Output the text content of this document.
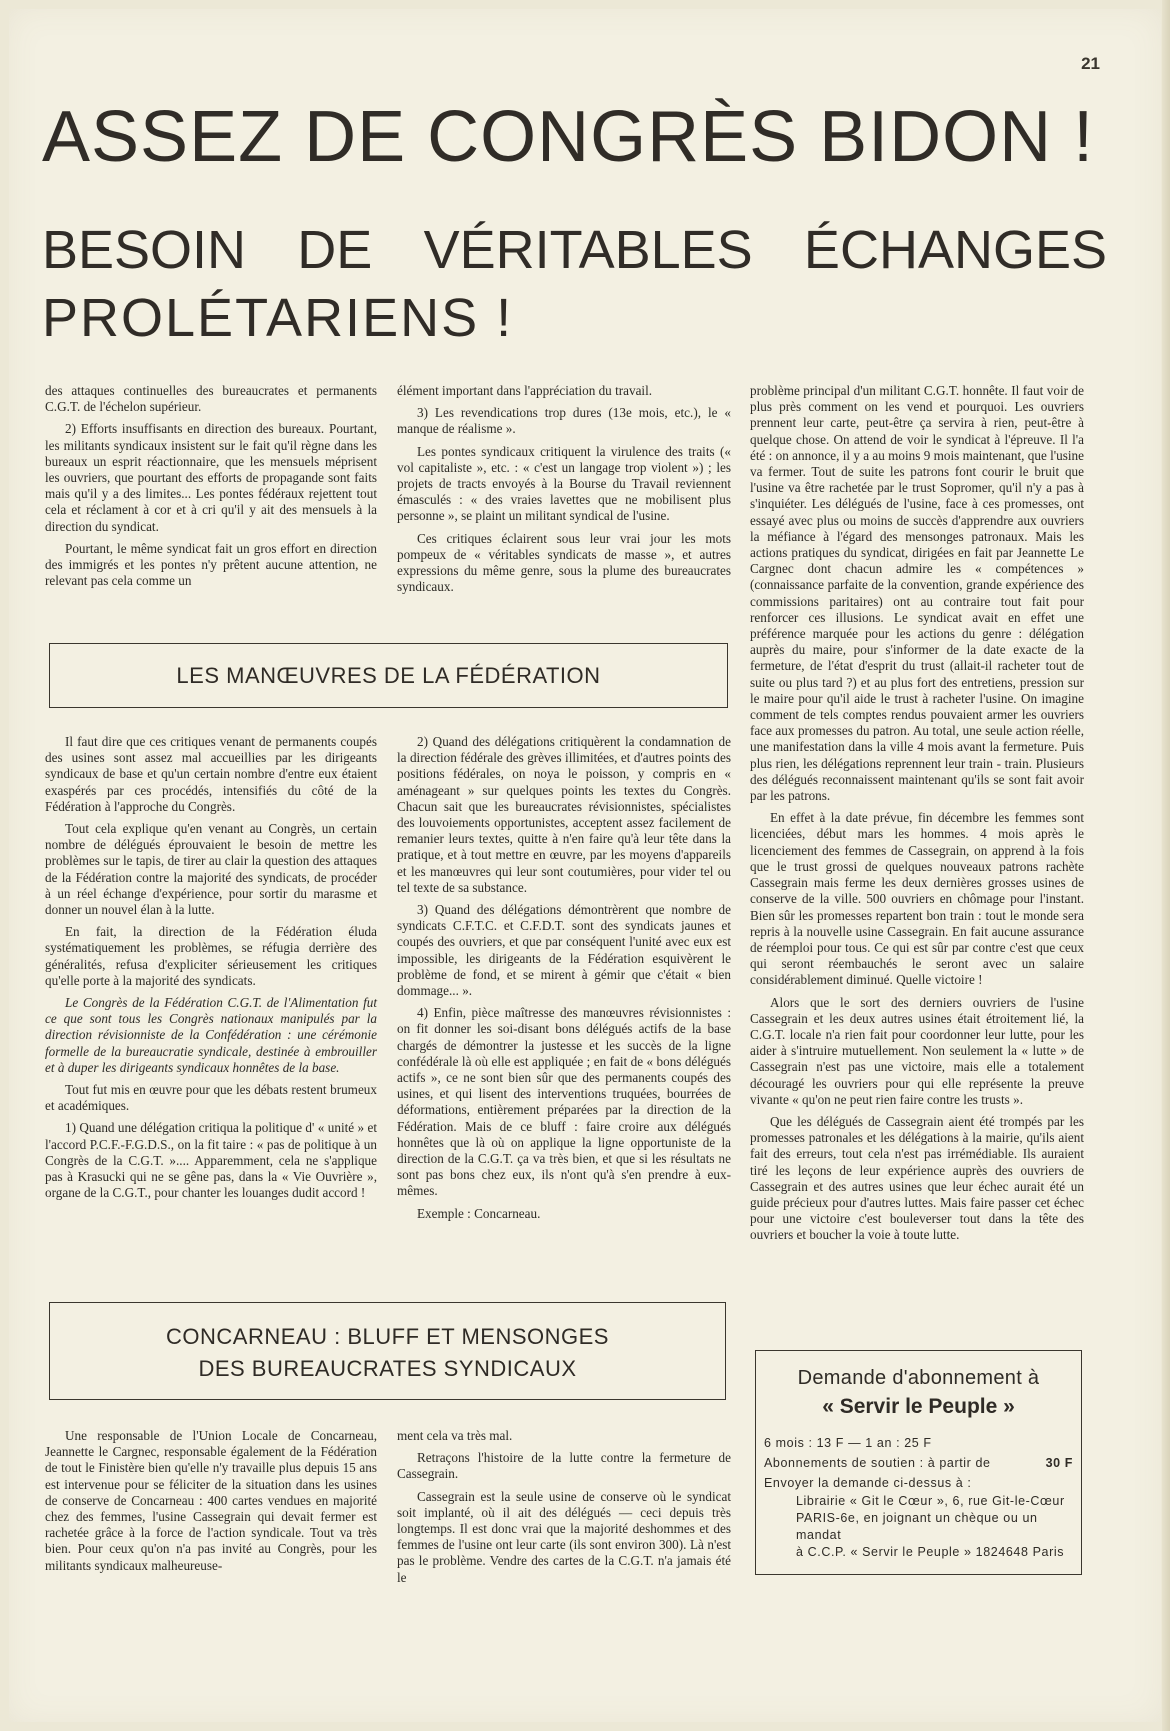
21
ASSEZ DE CONGRÈS BIDON !
BESOIN DE VÉRITABLES ÉCHANGES
PROLÉTARIENS !

des attaques continuelles des bureaucrates et permanents C.G.T. de l'échelon supérieur.

2) Efforts insuffisants en direction des bureaux. Pourtant, les militants syndicaux insistent sur le fait qu'il règne dans les bureaux un esprit réactionnaire, que les mensuels méprisent les ouvriers, que pourtant des efforts de propagande sont faits mais qu'il y a des limites... Les pontes fédéraux rejettent tout cela et réclament à cor et à cri qu'il y ait des mensuels à la direction du syndicat.

Pourtant, le même syndicat fait un gros effort en direction des immigrés et les pontes n'y prêtent aucune attention, ne relevant pas cela comme un

élément important dans l'appréciation du travail.

3) Les revendications trop dures (13e mois, etc.), le « manque de réalisme ».

Les pontes syndicaux critiquent la virulence des traits (« vol capitaliste », etc. : « c'est un langage trop violent ») ; les projets de tracts envoyés à la Bourse du Travail reviennent émasculés : « des vraies lavettes que ne mobilisent plus personne », se plaint un militant syndical de l'usine.

Ces critiques éclairent sous leur vrai jour les mots pompeux de « véritables syndicats de masse », et autres expressions du même genre, sous la plume des bureaucrates syndicaux.

LES MANŒUVRES DE LA FÉDÉRATION

Il faut dire que ces critiques venant de permanents coupés des usines sont assez mal accueillies par les dirigeants syndicaux de base et qu'un certain nombre d'entre eux étaient exaspérés par ces procédés, intensifiés du côté de la Fédération à l'approche du Congrès.

Tout cela explique qu'en venant au Congrès, un certain nombre de délégués éprouvaient le besoin de mettre les problèmes sur le tapis, de tirer au clair la question des attaques de la Fédération contre la majorité des syndicats, de procéder à un réel échange d'expérience, pour sortir du marasme et donner un nouvel élan à la lutte.

En fait, la direction de la Fédération éluda systématiquement les problèmes, se réfugia derrière des généralités, refusa d'expliciter sérieusement les critiques qu'elle porte à la majorité des syndicats.

Le Congrès de la Fédération C.G.T. de l'Alimentation fut ce que sont tous les Congrès nationaux manipulés par la direction révisionniste de la Confédération : une cérémonie formelle de la bureaucratie syndicale, destinée à embrouiller et à duper les dirigeants syndicaux honnêtes de la base.

Tout fut mis en œuvre pour que les débats restent brumeux et académiques.

1) Quand une délégation critiqua la politique d' « unité » et l'accord P.C.F.-F.G.D.S., on la fit taire : « pas de politique à un Congrès de la C.G.T. ».... Apparemment, cela ne s'applique pas à Krasucki qui ne se gêne pas, dans la « Vie Ouvrière », organe de la C.G.T., pour chanter les louanges dudit accord !

2) Quand des délégations critiquèrent la condamnation de la direction fédérale des grèves illimitées, et d'autres points des positions fédérales, on noya le poisson, y compris en « aménageant » sur quelques points les textes du Congrès. Chacun sait que les bureaucrates révisionnistes, spécialistes des louvoiements opportunistes, acceptent assez facilement de remanier leurs textes, quitte à n'en faire qu'à leur tête dans la pratique, et à tout mettre en œuvre, par les moyens d'appareils et les manœuvres qui leur sont coutumières, pour vider tel ou tel texte de sa substance.

3) Quand des délégations démontrèrent que nombre de syndicats C.F.T.C. et C.F.D.T. sont des syndicats jaunes et coupés des ouvriers, et que par conséquent l'unité avec eux est impossible, les dirigeants de la Fédération esquivèrent le problème de fond, et se mirent à gémir que c'était « bien dommage... ».

4) Enfin, pièce maîtresse des manœuvres révisionnistes : on fit donner les soi-disant bons délégués actifs de la base chargés de démontrer la justesse et les succès de la ligne confédérale là où elle est appliquée ; en fait de « bons délégués actifs », ce ne sont bien sûr que des permanents coupés des usines, et qui lisent des interventions truquées, bourrées de déformations, entièrement préparées par la direction de la Fédération. Mais de ce bluff : faire croire aux délégués honnêtes que là où on applique la ligne opportuniste de la direction de la C.G.T. ça va très bien, et que si les résultats ne sont pas bons chez eux, ils n'ont qu'à s'en prendre à eux-mêmes.

Exemple : Concarneau.

CONCARNEAU : BLUFF ET MENSONGES
DES BUREAUCRATES SYNDICAUX

Une responsable de l'Union Locale de Concarneau, Jeannette le Cargnec, responsable également de la Fédération de tout le Finistère bien qu'elle n'y travaille plus depuis 15 ans est intervenue pour se féliciter de la situation dans les usines de conserve de Concarneau : 400 cartes vendues en majorité chez des femmes, l'usine Cassegrain qui devait fermer est rachetée grâce à la force de l'action syndicale. Tout va très bien. Pour ceux qu'on n'a pas invité au Congrès, pour les militants syndicaux malheureuse-

ment cela va très mal.

Retraçons l'histoire de la lutte contre la fermeture de Cassegrain.

Cassegrain est la seule usine de conserve où le syndicat soit implanté, où il ait des délégués — ceci depuis très longtemps. Il est donc vrai que la majorité deshommes et des femmes de l'usine ont leur carte (ils sont environ 300). Là n'est pas le problème. Vendre des cartes de la C.G.T. n'a jamais été le

problème principal d'un militant C.G.T. honnête. Il faut voir de plus près comment on les vend et pourquoi. Les ouvriers prennent leur carte, peut-être ça servira à rien, peut-être à quelque chose. On attend de voir le syndicat à l'épreuve. Il l'a été : on annonce, il y a au moins 9 mois maintenant, que l'usine va fermer. Tout de suite les patrons font courir le bruit que l'usine va être rachetée par le trust Sopromer, qu'il n'y a pas à s'inquiéter. Les délégués de l'usine, face à ces promesses, ont essayé avec plus ou moins de succès d'apprendre aux ouvriers la méfiance à l'égard des mensonges patronaux. Mais les actions pratiques du syndicat, dirigées en fait par Jeannette Le Cargnec dont chacun admire les « compétences » (connaissance parfaite de la convention, grande expérience des commissions paritaires) ont au contraire tout fait pour renforcer ces illusions. Le syndicat avait en effet une préférence marquée pour les actions du genre : délégation auprès du maire, pour s'informer de la date exacte de la fermeture, de l'état d'esprit du trust (allait-il racheter tout de suite ou plus tard ?) et au plus fort des entretiens, pression sur le maire pour qu'il aide le trust à racheter l'usine. On imagine comment de tels comptes rendus pouvaient armer les ouvriers face aux promesses du patron. Au total, une seule action réelle, une manifestation dans la ville 4 mois avant la fermeture. Puis plus rien, les délégations reprennent leur train - train. Plusieurs des délégués reconnaissent maintenant qu'ils se sont fait avoir par les patrons.

En effet à la date prévue, fin décembre les femmes sont licenciées, début mars les hommes. 4 mois après le licenciement des femmes de Cassegrain, on apprend à la fois que le trust grossi de quelques nouveaux patrons rachète Cassegrain mais ferme les deux dernières grosses usines de conserve de la ville. 500 ouvriers en chômage pour l'instant. Bien sûr les promesses repartent bon train : tout le monde sera repris à la nouvelle usine Cassegrain. En fait aucune assurance de réemploi pour tous. Ce qui est sûr par contre c'est que ceux qui seront réembauchés le seront avec un salaire considérablement diminué. Quelle victoire !

Alors que le sort des derniers ouvriers de l'usine Cassegrain et les deux autres usines était étroitement lié, la C.G.T. locale n'a rien fait pour coordonner leur lutte, pour les aider à s'intruire mutuellement. Non seulement la « lutte » de Cassegrain n'est pas une victoire, mais elle a totalement découragé les ouvriers pour qui elle représente la preuve vivante « qu'on ne peut rien faire contre les trusts ».

Que les délégués de Cassegrain aient été trompés par les promesses patronales et les délégations à la mairie, qu'ils aient fait des erreurs, tout cela n'est pas irrémédiable. Ils auraient tiré les leçons de leur expérience auprès des ouvriers de Cassegrain et des autres usines que leur échec aurait été un guide précieux pour d'autres luttes. Mais faire passer cet échec pour une victoire c'est bouleverser tout dans la tête des ouvriers et boucher la voie à toute lutte.

Demande d'abonnement à
« Servir le Peuple »
6 mois : 13 F — 1 an : 25 F
Abonnements de soutien : à partir de	30 F
Envoyer la demande ci-dessus à :
Librairie « Git le Cœur », 6, rue Git-le-Cœur PARIS-6e, en joignant un chèque ou un mandat
à C.C.P. « Servir le Peuple » 1824648 Paris
